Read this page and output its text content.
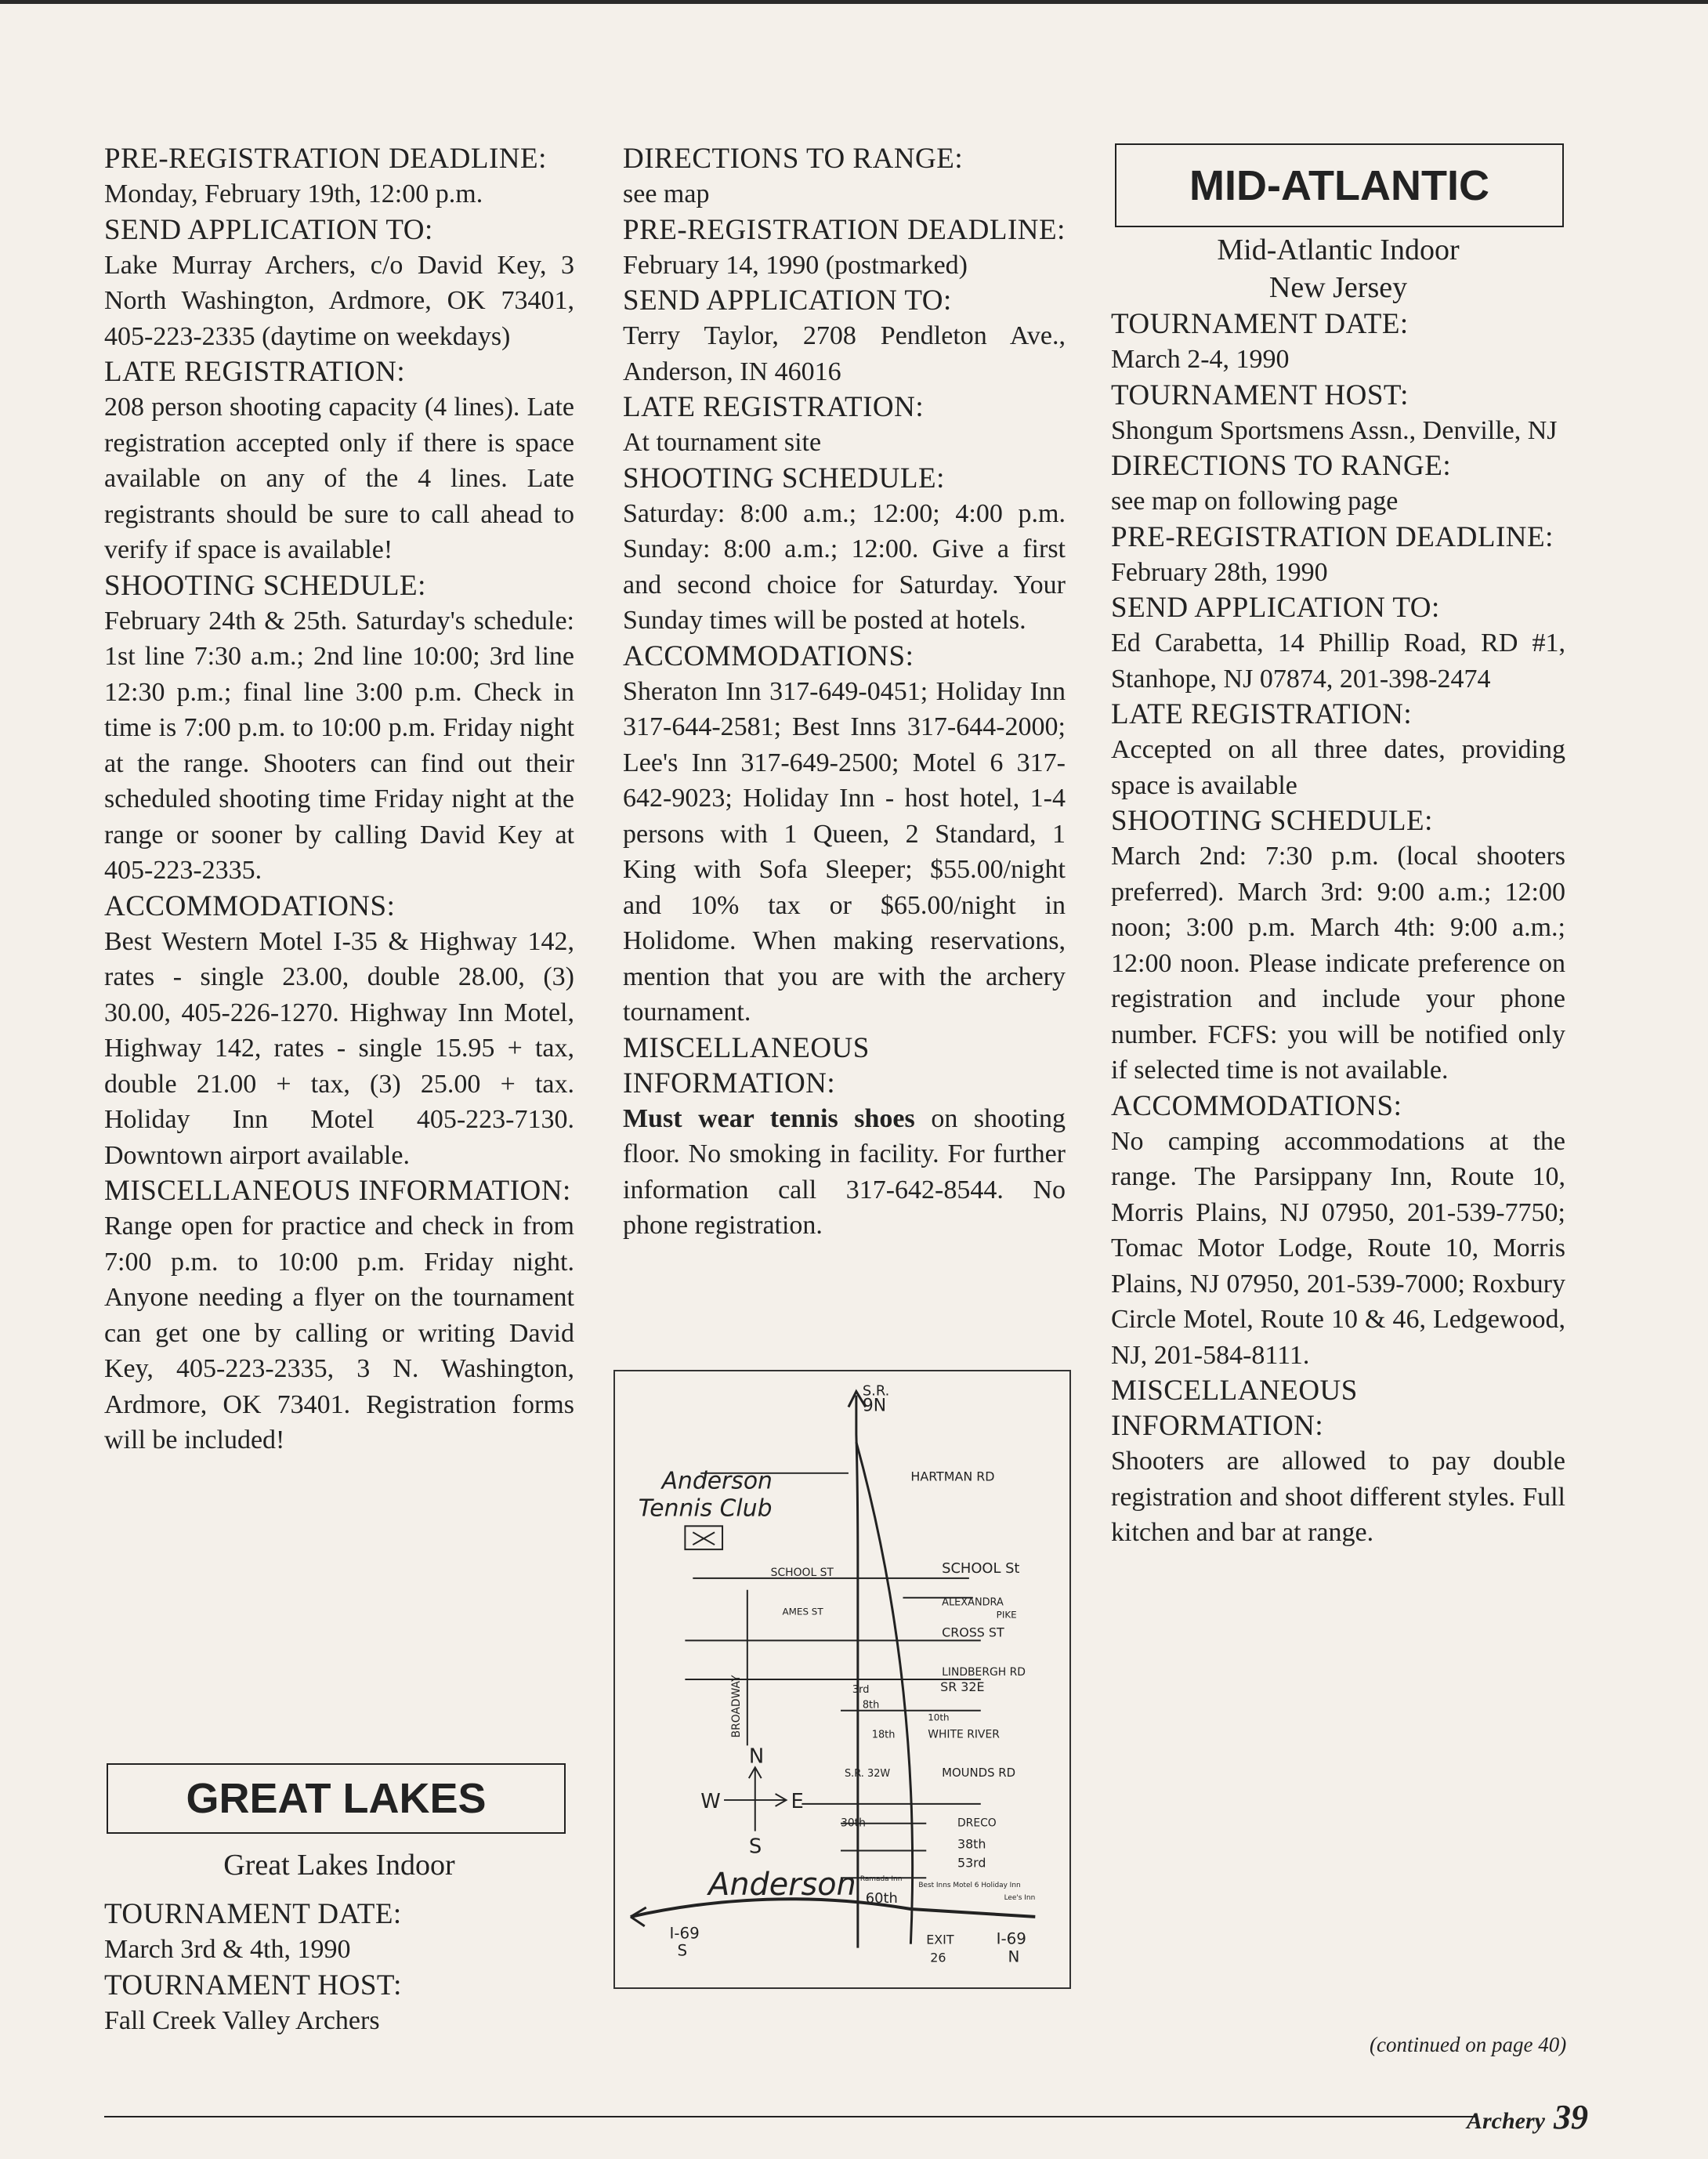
PRE-REGISTRATION DEADLINE:

Monday, February 19th, 12:00 p.m.

SEND APPLICATION TO:

Lake Murray Archers, c/o David Key, 3 North Washington, Ardmore, OK 73401, 405-223-2335 (daytime on weekdays)

LATE REGISTRATION:

208 person shooting capacity (4 lines). Late registration accepted only if there is space available on any of the 4 lines. Late registrants should be sure to call ahead to verify if space is available!

SHOOTING SCHEDULE:

February 24th & 25th. Saturday's schedule: 1st line 7:30 a.m.; 2nd line 10:00; 3rd line 12:30 p.m.; final line 3:00 p.m. Check in time is 7:00 p.m. to 10:00 p.m. Friday night at the range. Shooters can find out their scheduled shooting time Friday night at the range or sooner by calling David Key at 405-223-2335.

ACCOMMODATIONS:

Best Western Motel I-35 & Highway 142, rates - single 23.00, double 28.00, (3) 30.00, 405-226-1270. Highway Inn Motel, Highway 142, rates - single 15.95 + tax, double 21.00 + tax, (3) 25.00 + tax. Holiday Inn Motel 405-223-7130. Downtown airport available.

MISCELLANEOUS INFORMATION:

Range open for practice and check in from 7:00 p.m. to 10:00 p.m. Friday night. Anyone needing a flyer on the tournament can get one by calling or writing David Key, 405-223-2335, 3 N. Washington, Ardmore, OK 73401. Registration forms will be included!

GREAT LAKES

Great Lakes Indoor

TOURNAMENT DATE:

March 3rd & 4th, 1990

TOURNAMENT HOST:

Fall Creek Valley Archers

DIRECTIONS TO RANGE:

see map

PRE-REGISTRATION DEADLINE:

February 14, 1990 (postmarked)

SEND APPLICATION TO:

Terry Taylor, 2708 Pendleton Ave., Anderson, IN 46016

LATE REGISTRATION:

At tournament site

SHOOTING SCHEDULE:

Saturday: 8:00 a.m.; 12:00; 4:00 p.m. Sunday: 8:00 a.m.; 12:00. Give a first and second choice for Saturday. Your Sunday times will be posted at hotels.

ACCOMMODATIONS:

Sheraton Inn 317-649-0451; Holiday Inn 317-644-2581; Best Inns 317-644-2000; Lee's Inn 317-649-2500; Motel 6 317-642-9023; Holiday Inn - host hotel, 1-4 persons with 1 Queen, 2 Standard, 1 King with Sofa Sleeper; $55.00/night and 10% tax or $65.00/night in Holidome. When making reservations, mention that you are with the archery tournament.

MISCELLANEOUS INFORMATION:

Must wear tennis shoes on shooting floor. No smoking in facility. For further information call 317-642-8544. No phone registration.

S.R.
9N
HARTMAN RD
Anderson
Tennis Club
SCHOOL ST	SCHOOL St
AMES ST
ALEXANDRA
PIKE
CROSS ST
BROADWAY
LINDBERGH RD
SR 32E
3rd
8th
10th
18th	WHITE RIVER
S.R. 32W	MOUNDS RD
N
S
E
W
30th	DRECO
38th
53rd
Anderson 60th
Ramada Inn
Best Inns Motel 6 Holiday Inn
Lee's Inn
I-69
S
EXIT
26
I-69
N
MID-ATLANTIC

Mid-Atlantic Indoor

New Jersey

TOURNAMENT DATE:

March 2-4, 1990

TOURNAMENT HOST:

Shongum Sportsmens Assn., Denville, NJ

DIRECTIONS TO RANGE:

see map on following page

PRE-REGISTRATION DEADLINE:

February 28th, 1990

SEND APPLICATION TO:

Ed Carabetta, 14 Phillip Road, RD #1, Stanhope, NJ 07874, 201-398-2474

LATE REGISTRATION:

Accepted on all three dates, providing space is available

SHOOTING SCHEDULE:

March 2nd: 7:30 p.m. (local shooters preferred). March 3rd: 9:00 a.m.; 12:00 noon; 3:00 p.m. March 4th: 9:00 a.m.; 12:00 noon. Please indicate preference on registration and include your phone number. FCFS: you will be notified only if selected time is not available.

ACCOMMODATIONS:

No camping accommodations at the range. The Parsippany Inn, Route 10, Morris Plains, NJ 07950, 201-539-7750; Tomac Motor Lodge, Route 10, Morris Plains, NJ 07950, 201-539-7000; Roxbury Circle Motel, Route 10 & 46, Ledgewood, NJ, 201-584-8111.

MISCELLANEOUS INFORMATION:

Shooters are allowed to pay double registration and shoot different styles. Full kitchen and bar at range.

(continued on page 40)
Archery 39
